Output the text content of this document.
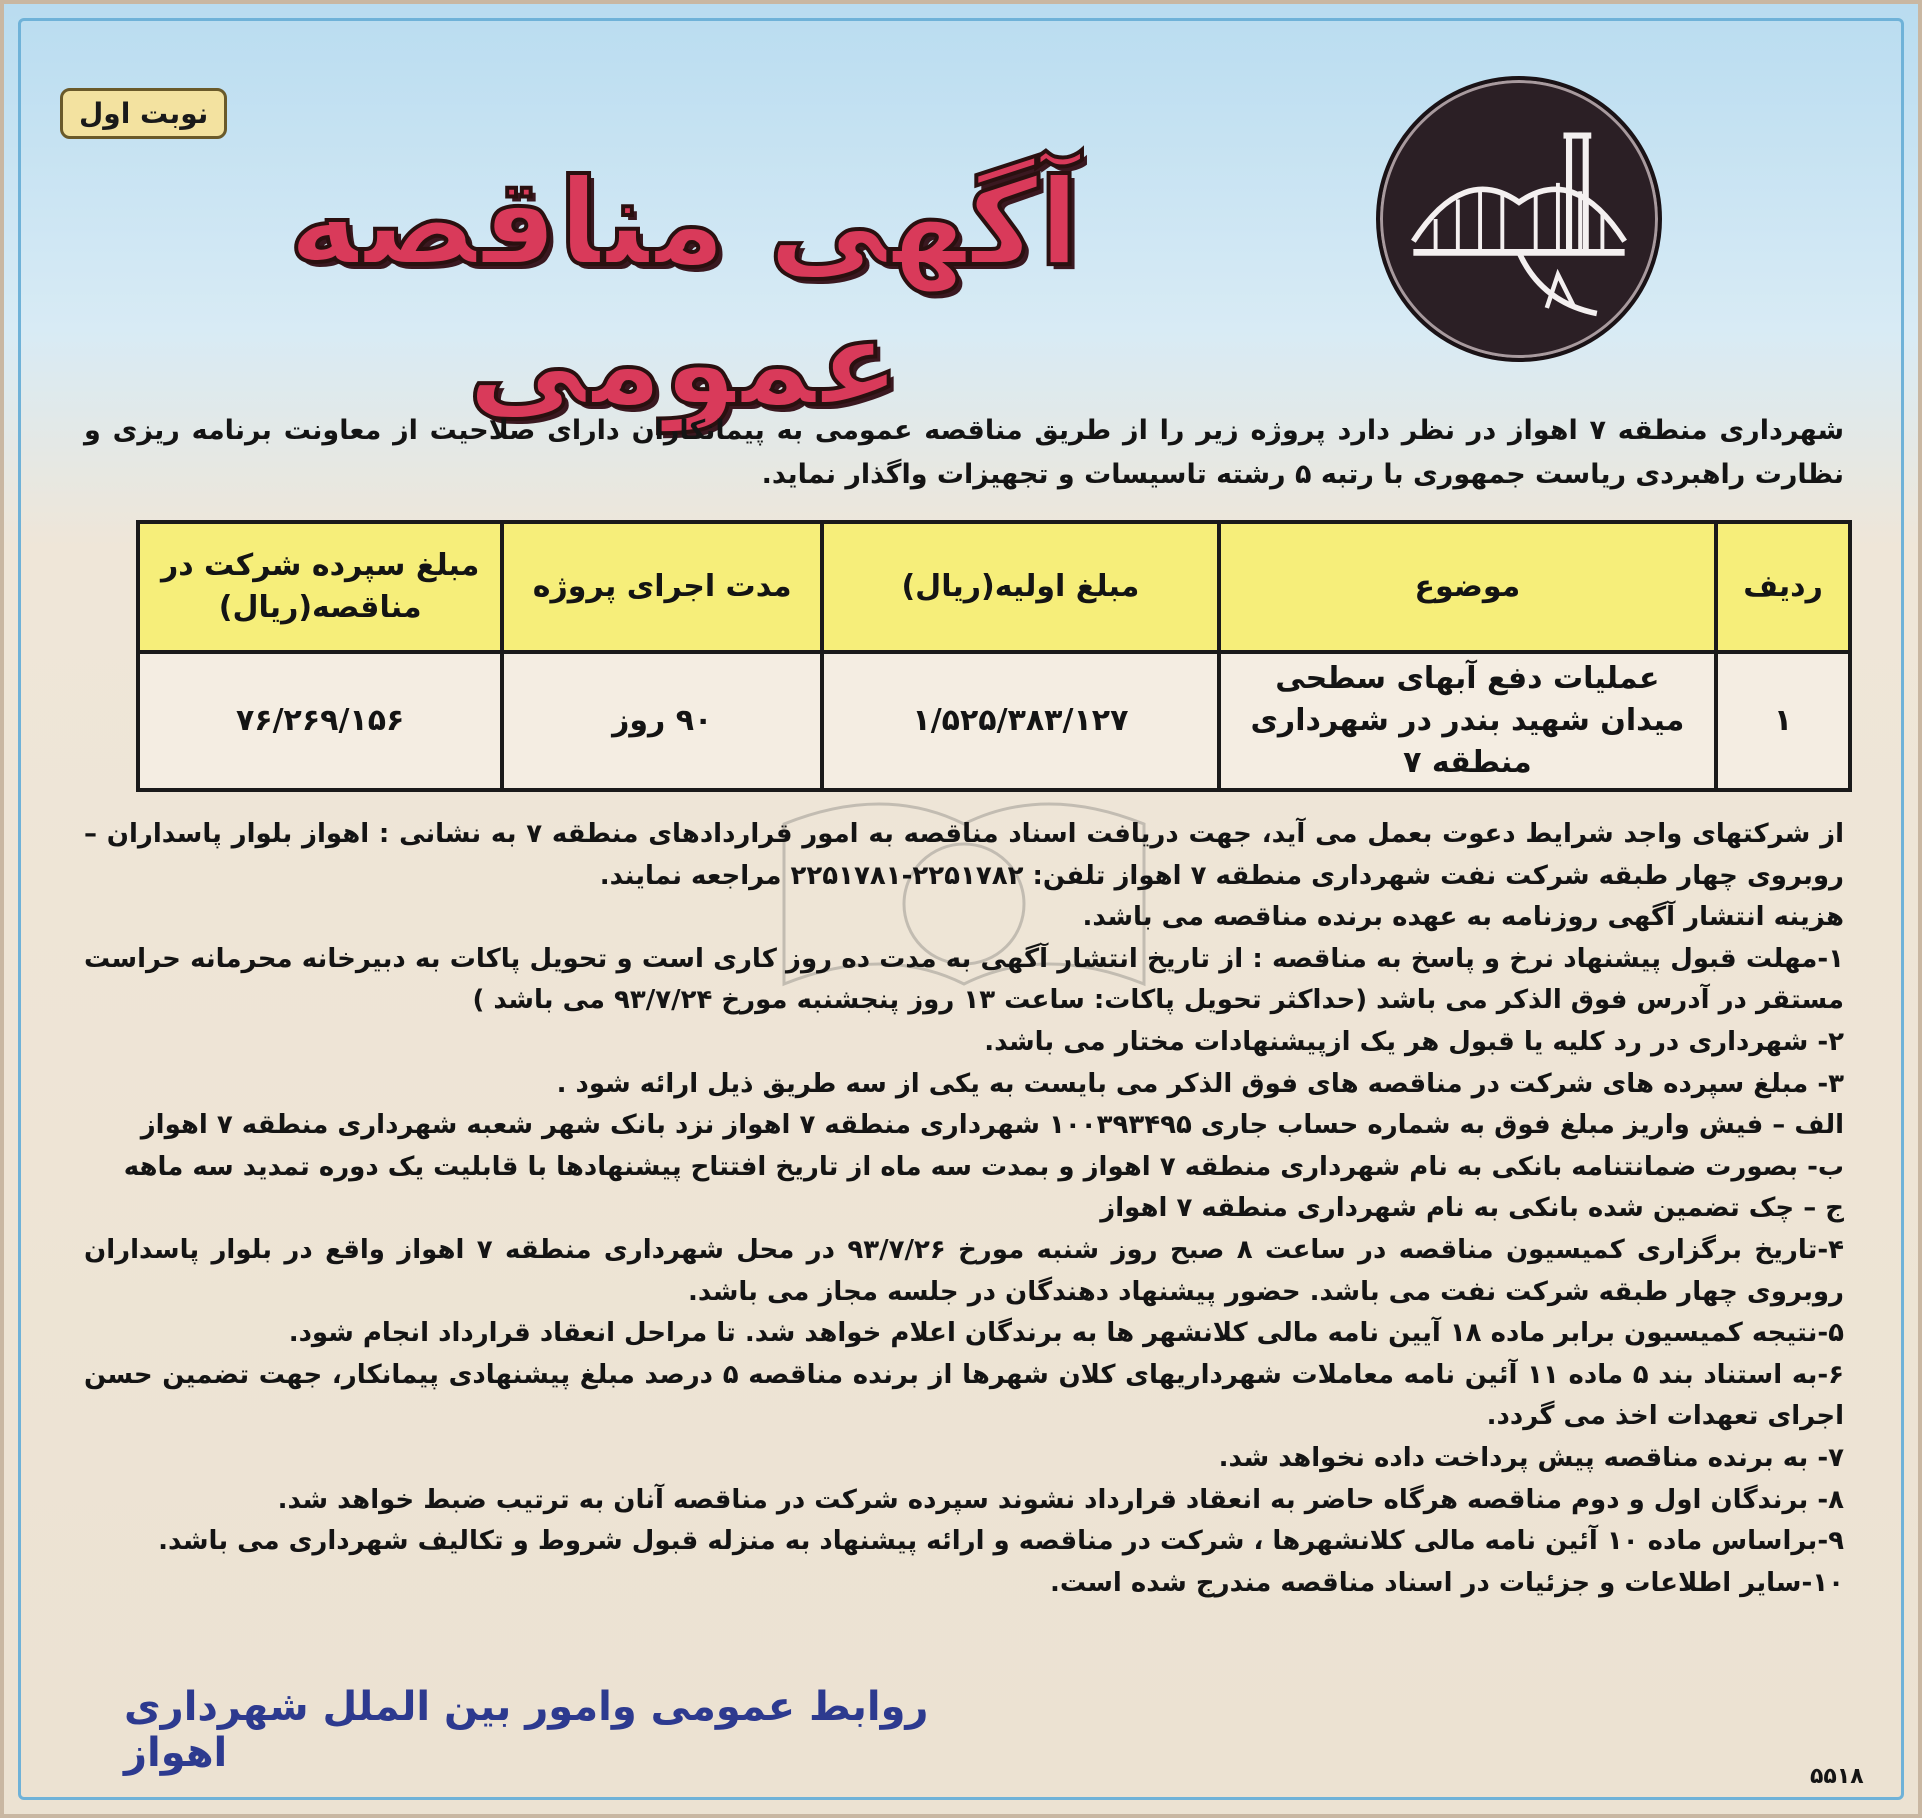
نوبت اول
آگهی مناقصه عمومی
شهرداری منطقه ۷ اهواز در نظر دارد پروژه زیر را از طریق مناقصه عمومی به پیمانکاران دارای صلاحیت از معاونت برنامه ریزی و نظارت راهبردی ریاست جمهوری با رتبه ۵ رشته تاسیسات و تجهیزات واگذار نماید.
ردیف	موضوع	مبلغ اولیه(ریال)	مدت اجرای پروژه	مبلغ سپرده شرکت در مناقصه(ریال)
۱	عملیات دفع آبهای سطحی میدان شهید بندر در شهرداری منطقه ۷	۱/۵۲۵/۳۸۳/۱۲۷	۹۰ روز	۷۶/۲۶۹/۱۵۶

از شرکتهای واجد شرایط دعوت بعمل می آید، جهت دریافت اسناد مناقصه به امور قراردادهای منطقه ۷ به نشانی : اهواز بلوار پاسداران – روبروی چهار طبقه شرکت نفت شهرداری منطقه ۷ اهواز تلفن: ۲۲۵۱۷۸۲-۲۲۵۱۷۸۱ مراجعه نمایند.

هزینه انتشار آگهی روزنامه به عهده برنده مناقصه می باشد.

۱-مهلت قبول پیشنهاد نرخ و پاسخ به مناقصه : از تاریخ انتشار آگهی به مدت ده روز کاری است و تحویل پاکات به دبیرخانه محرمانه حراست مستقر در آدرس فوق الذکر می باشد (حداکثر تحویل پاکات: ساعت ۱۳ روز پنجشنبه مورخ ۹۳/۷/۲۴ می باشد )

۲- شهرداری در رد کلیه یا قبول هر یک ازپیشنهادات مختار می باشد.

۳- مبلغ سپرده های شرکت در مناقصه های فوق الذکر می بایست به یکی از سه طریق ذیل ارائه شود .

الف – فیش واریز مبلغ فوق به شماره حساب جاری ۱۰۰۳۹۳۴۹۵ شهرداری منطقه ۷ اهواز نزد بانک شهر شعبه شهرداری منطقه ۷ اهواز

ب- بصورت ضمانتنامه بانکی به نام شهرداری منطقه ۷ اهواز و بمدت سه ماه از تاریخ افتتاح پیشنهادها با قابلیت یک دوره تمدید سه ماهه

ج – چک تضمین شده بانکی به نام شهرداری منطقه ۷ اهواز

۴-تاریخ برگزاری کمیسیون مناقصه در ساعت ۸ صبح روز شنبه مورخ ۹۳/۷/۲۶ در محل شهرداری منطقه ۷ اهواز واقع در بلوار پاسداران روبروی چهار طبقه شرکت نفت می باشد. حضور پیشنهاد دهندگان در جلسه مجاز می باشد.

۵-نتیجه کمیسیون برابر ماده ۱۸ آیین نامه مالی کلانشهر ها به برندگان اعلام خواهد شد. تا مراحل انعقاد قرارداد انجام شود.

۶-به استناد بند ۵ ماده ۱۱ آئین نامه معاملات شهرداریهای کلان شهرها از برنده مناقصه ۵ درصد مبلغ پیشنهادی پیمانکار، جهت تضمین حسن اجرای تعهدات اخذ می گردد.

۷- به برنده مناقصه پیش پرداخت داده نخواهد شد.

۸- برندگان اول و دوم مناقصه هرگاه حاضر به انعقاد قرارداد نشوند سپرده شرکت در مناقصه آنان به ترتیب ضبط خواهد شد.

۹-براساس ماده ۱۰ آئین نامه مالی کلانشهرها ، شرکت در مناقصه و ارائه پیشنهاد به منزله قبول شروط و تکالیف شهرداری می باشد.

۱۰-سایر اطلاعات و جزئیات در اسناد مناقصه مندرج شده است.

روابط عمومی وامور بین الملل شهرداری اهواز
۵۵۱۸
